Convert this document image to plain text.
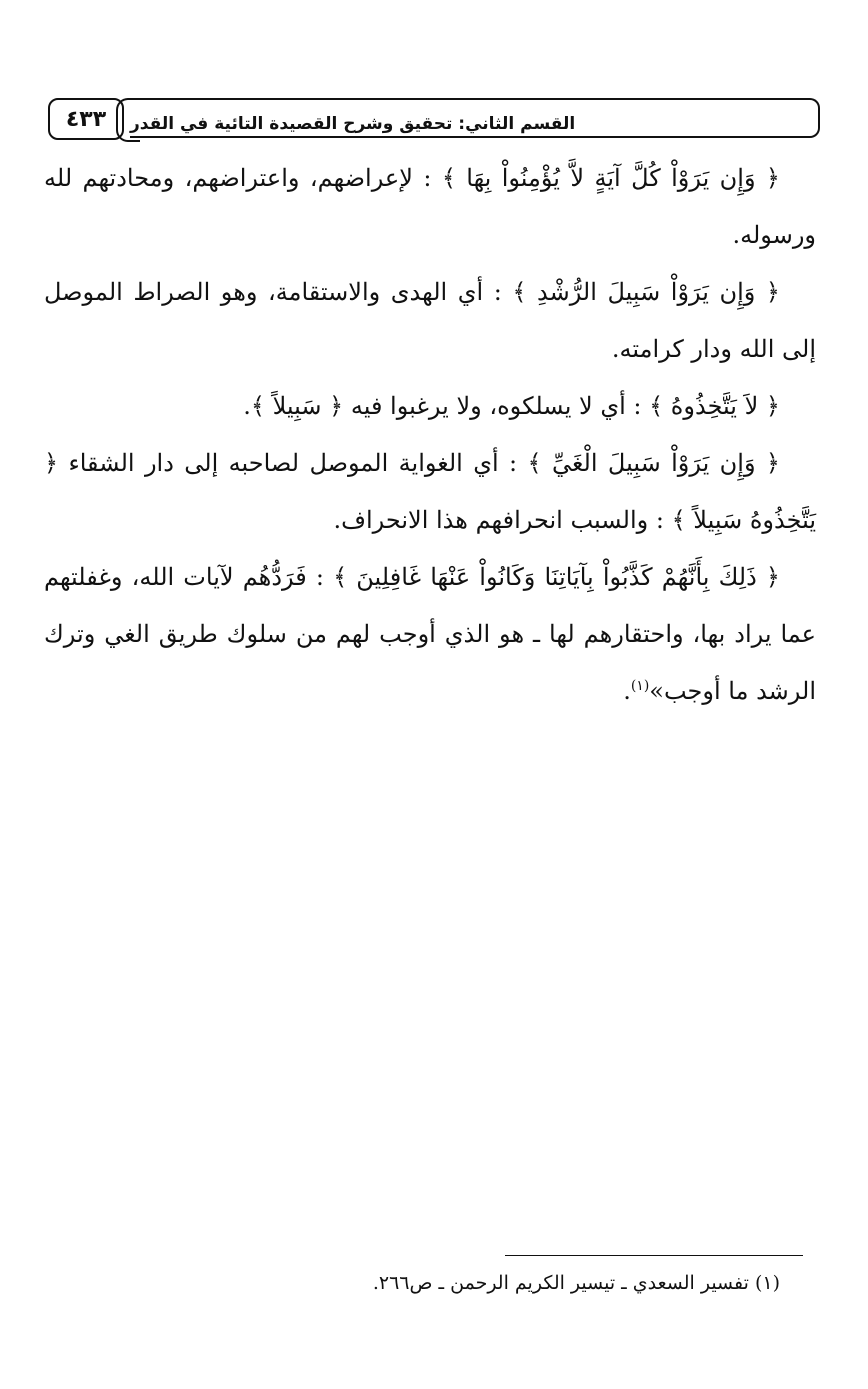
٤٣٣ القسم الثاني: تحقيق وشرح القصيدة التائية في القدر

﴿ وَإِن يَرَوْاْ كُلَّ آيَةٍ لاَّ يُؤْمِنُواْ بِهَا ﴾ : لإعراضهم، واعتراضهم، ومحادتهم لله ورسوله.

﴿ وَإِن يَرَوْاْ سَبِيلَ الرُّشْدِ ﴾ : أي الهدى والاستقامة، وهو الصراط الموصل إلى الله ودار كرامته.

﴿ لاَ يَتَّخِذُوهُ ﴾ : أي لا يسلكوه، ولا يرغبوا فيه ﴿ سَبِيلاً ﴾.

﴿ وَإِن يَرَوْاْ سَبِيلَ الْغَيِّ ﴾ : أي الغواية الموصل لصاحبه إلى دار الشقاء ﴿ يَتَّخِذُوهُ سَبِيلاً ﴾ : والسبب انحرافهم هذا الانحراف.

﴿ ذَلِكَ بِأَنَّهُمْ كَذَّبُواْ بِآيَاتِنَا وَكَانُواْ عَنْهَا غَافِلِينَ ﴾ : فَرَدُّهُم لآيات الله، وغفلتهم عما يراد بها، واحتقارهم لها ـ هو الذي أوجب لهم من سلوك طريق الغي وترك الرشد ما أوجب»$^{(١)}$.

(١) تفسير السعدي ـ تيسير الكريم الرحمن ـ ص٢٦٦.
